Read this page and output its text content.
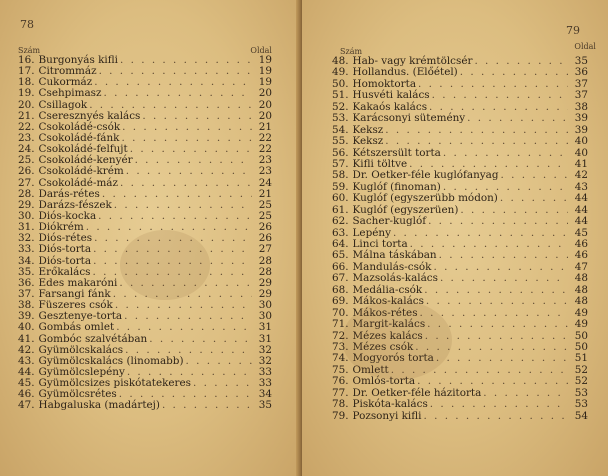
78
Szám	Oldal
16. Burgonyás kifli . . .	19
17. Citrommáz . . .	19
18. Cukormáz . . .	19
19. Csehpimasz . . .	20
20. Csillagok . . .	20
21. Cseresznyés kalács . . .	20
22. Csokoládé-csók . . .	21
23. Csokoládé-fánk . . .	22
24. Csokoládé-felfujt . . .	22
25. Csokoládé-kenyér . . .	23
26. Csokoládé-krém . . .	23
27. Csokoládé-máz . . .	24
28. Darás-rétes . . .	21
29. Darázs-fészek . . .	25
30. Diós-kocka . . .	25
31. Diókrém . . .	26
32. Diós-rétes . . .	26
33. Diós-torta . . .	27
34. Diós-torta . . .	28
35. Erőkalács . . .	28
36. Edes makaróni . . .	29
37. Farsangi fánk . . .	29
38. Füszeres csók . . .	30
39. Gesztenye-torta . . .	30
40. Gombás omlet . . .	31
41. Gombóc szalvétában . . .	31
42. Gyümölcskalács . . .	32
43. Gyümölcskalács (linomabb) . . .	32
44. Gyümölcslepény . . .	33
45. Gyümölcsizes piskótatekeres . . .	33
46. Gyümölcsrétes . . .	34
47. Habgaluska (madártej) . . .	35
79
Szám
Oldal
48. Hab- vagy krémtölcsér . . .	35
49. Hollandus. (Előétel) . . .	36
50. Homoktorta . . .	37
51. Husvéti kalács . . .	37
52. Kakaós kalács . . .	38
53. Karácsonyi sütemény . . .	39
54. Keksz . . .	39
55. Keksz . . .	40
56. Kétszersült torta . . .	40
57. Kifli töltve . . .	41
58. Dr. Oetker-féle kuglófanyag . . .	42
59. Kuglóf (finoman) . . .	43
60. Kuglóf (egyszerübb módon) . . .	44
61. Kuglóf (egyszerüen) . . .	44
62. Sacher-kuglóf . . .	44
63. Lepény . . .	45
64. Linci torta . . .	46
65. Málna táskában . . .	46
66. Mandulás-csók . . .	47
67. Mazsolás-kalács . . .	48
68. Medália-csók . . .	48
69. Mákos-kalács . . .	48
70. Mákos-rétes . . .	49
71. Margit-kalács . . .	49
72. Mézes kalács . . .	50
73. Mézes csók . . .	50
74. Mogyorós torta . . .	51
75. Omlett . . .	52
76. Omlós-torta . . .	52
77. Dr. Oetker-féle házitorta . . .	53
78. Piskóta-kalács . . .	53
79. Pozsonyi kifli . . .	54
